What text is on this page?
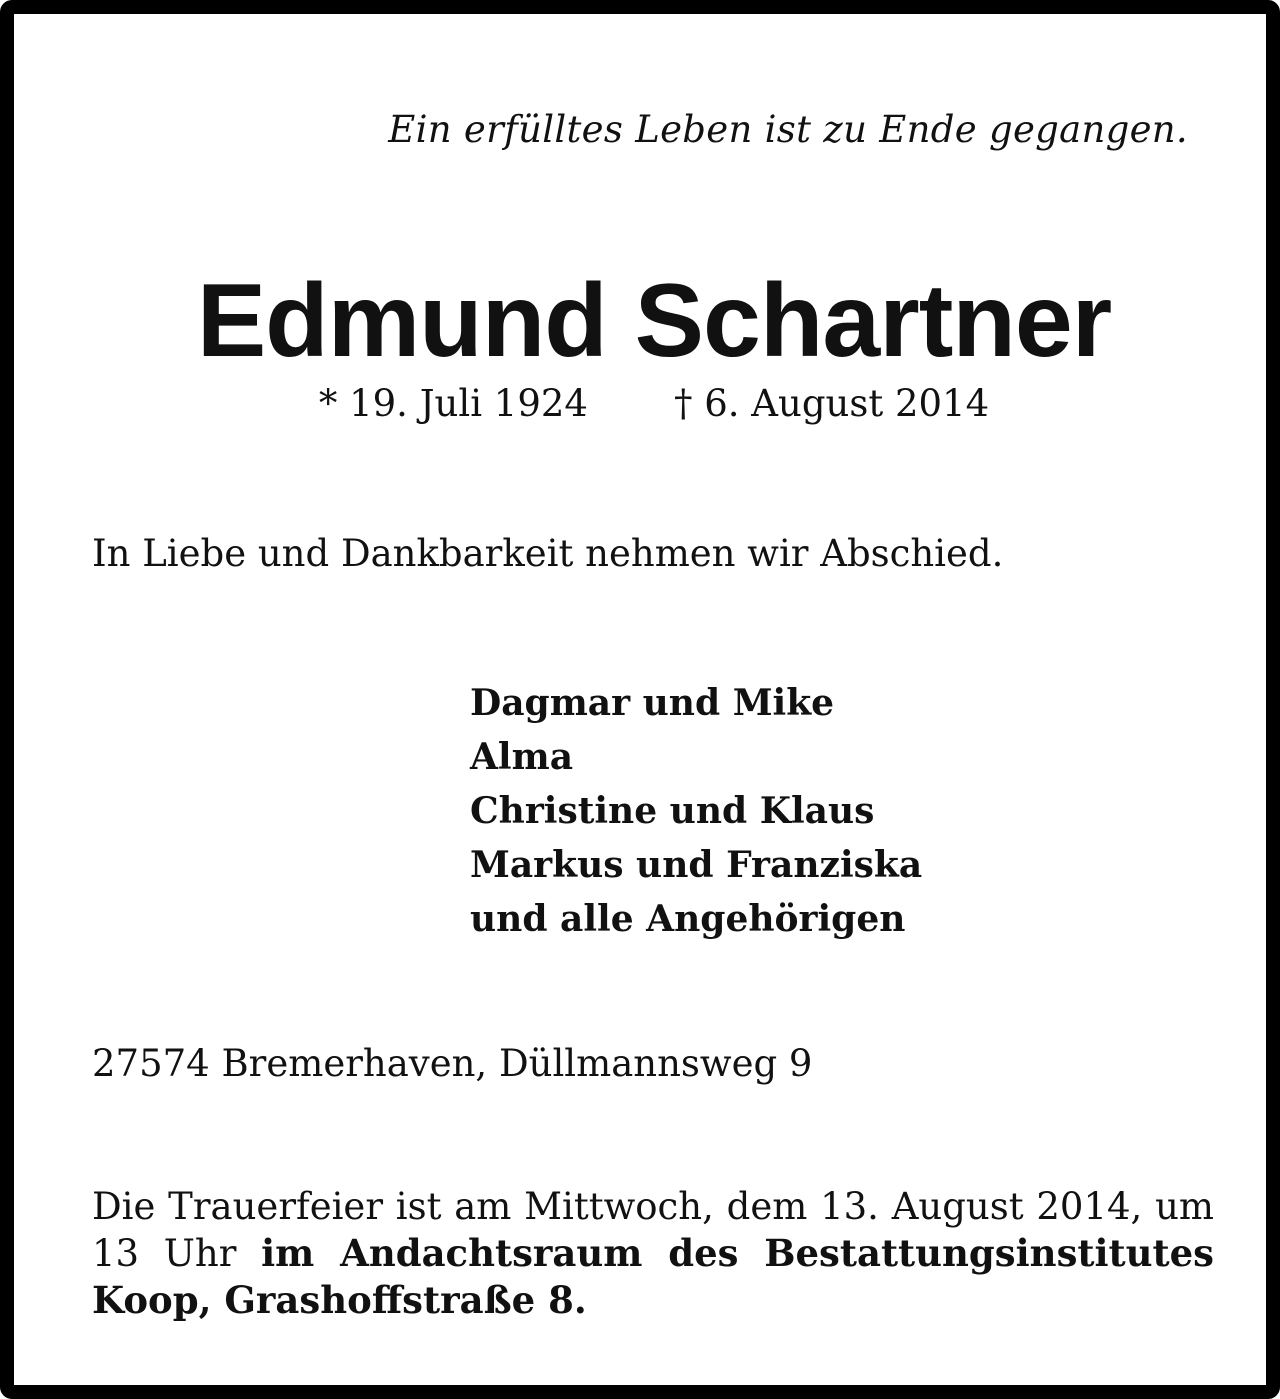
Ein erfülltes Leben ist zu Ende gegangen.
Edmund Schartner
* 19. Juli 1924 † 6. August 2014
In Liebe und Dankbarkeit nehmen wir Abschied.
Dagmar und Mike
Alma
Christine und Klaus
Markus und Franziska
und alle Angehörigen
27574 Bremerhaven, Düllmannsweg 9
Die Trauerfeier ist am Mittwoch, dem 13. August 2014, um 13 Uhr im Andachtsraum des Bestattungsinstitutes Koop, Grashoffstraße 8.
